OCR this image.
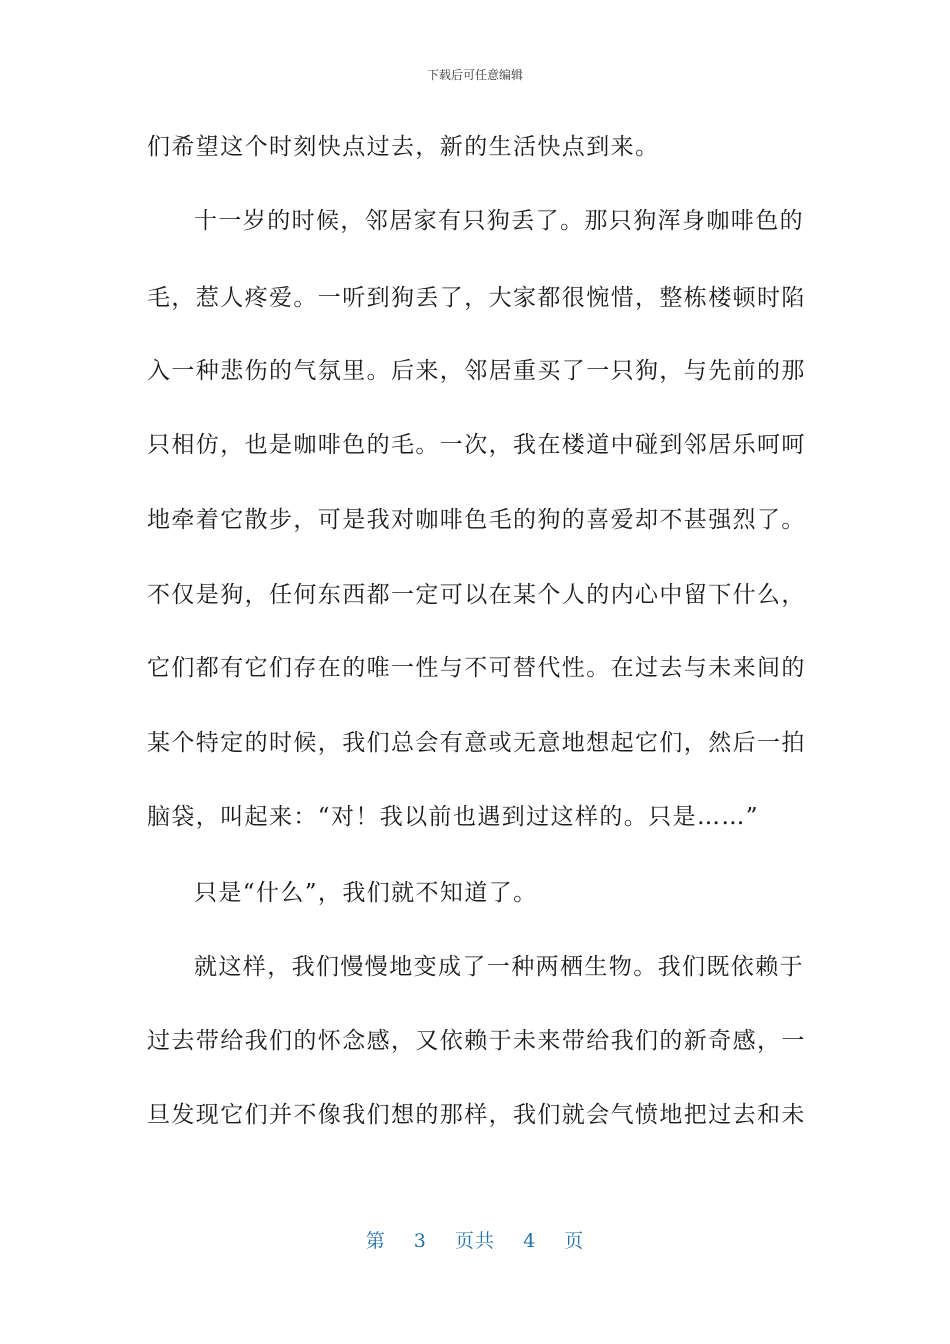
下载后可任意编辑
们希望这个时刻快点过去，新的生活快点到来。
十一岁的时候，邻居家有只狗丢了。那只狗浑身咖啡色的
毛，惹人疼爱。一听到狗丢了，大家都很惋惜，整栋楼顿时陷
入一种悲伤的气氛里。后来，邻居重买了一只狗，与先前的那
只相仿，也是咖啡色的毛。一次，我在楼道中碰到邻居乐呵呵
地牵着它散步，可是我对咖啡色毛的狗的喜爱却不甚强烈了。
不仅是狗，任何东西都一定可以在某个人的内心中留下什么，
它们都有它们存在的唯一性与不可替代性。在过去与未来间的
某个特定的时候，我们总会有意或无意地想起它们，然后一拍
脑袋，叫起来：“对！我以前也遇到过这样的。只是……”
只是“什么”，我们就不知道了。
就这样，我们慢慢地变成了一种两栖生物。我们既依赖于
过去带给我们的怀念感，又依赖于未来带给我们的新奇感，一
旦发现它们并不像我们想的那样，我们就会气愤地把过去和未
第 3 页共 4 页
